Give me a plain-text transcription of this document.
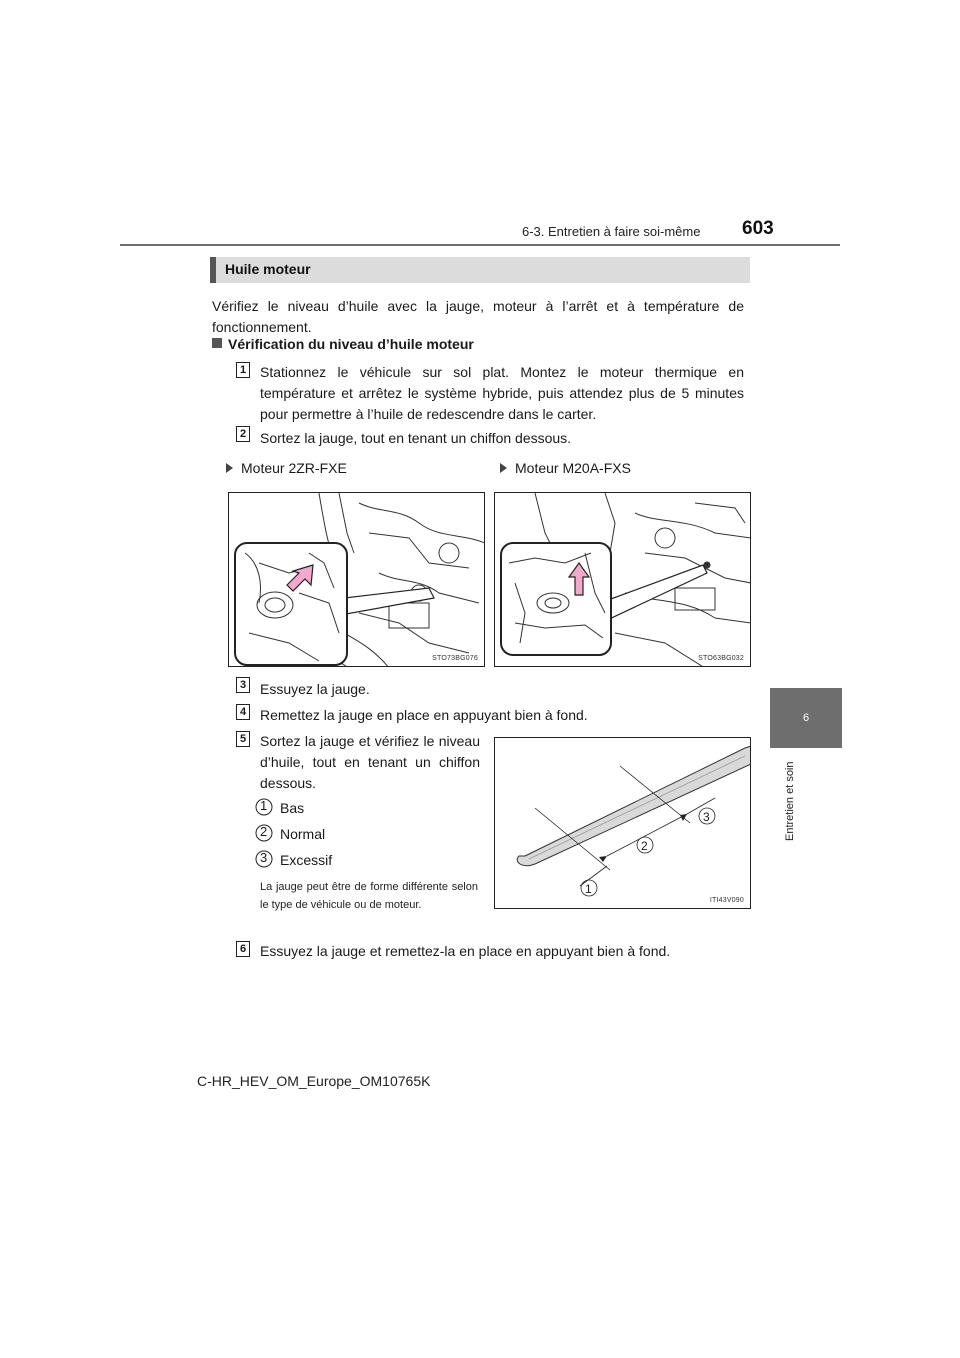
6-3. Entretien à faire soi-même 603
6
Entretien et soin
Huile moteur
Vérifiez le niveau d’huile avec la jauge, moteur à l’arrêt et à température de fonctionnement.
Vérification du niveau d’huile moteur
1 Stationnez le véhicule sur sol plat. Montez le moteur thermique en température et arrêtez le système hybride, puis attendez plus de 5 minutes pour permettre à l’huile de redescendre dans le carter.
2 Sortez la jauge, tout en tenant un chiffon dessous.
Moteur 2ZR-FXE	Moteur M20A-FXS
STO73BG076	STO63BG032
3 Essuyez la jauge.
4 Remettez la jauge en place en appuyant bien à fond.
5 Sortez la jauge et vérifiez le niveau d’huile, tout en tenant un chiffon dessous.
1 Bas
2 Normal
3 Excessif
La jauge peut être de forme différente selon le type de véhicule ou de moteur.
2
1
3
ITI43V090
6 Essuyez la jauge et remettez-la en place en appuyant bien à fond.
C-HR_HEV_OM_Europe_OM10765K
